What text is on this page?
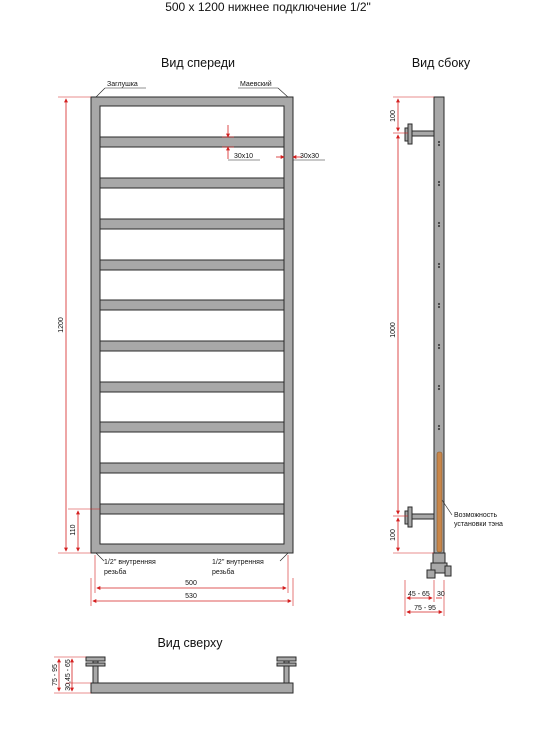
500 х 1200 нижнее подключение 1/2"
Вид спереди
Заглушка	Маевский
30х10	30х30
1200
110
1/2'' внутренняя
резьба
1/2'' внутренняя
резьба
500
530
Вид сбоку
100
1000
100
Возможность
установки тэна
45 - 65 30
75 - 95
Вид сверху
75 - 95 30,45 - 65
